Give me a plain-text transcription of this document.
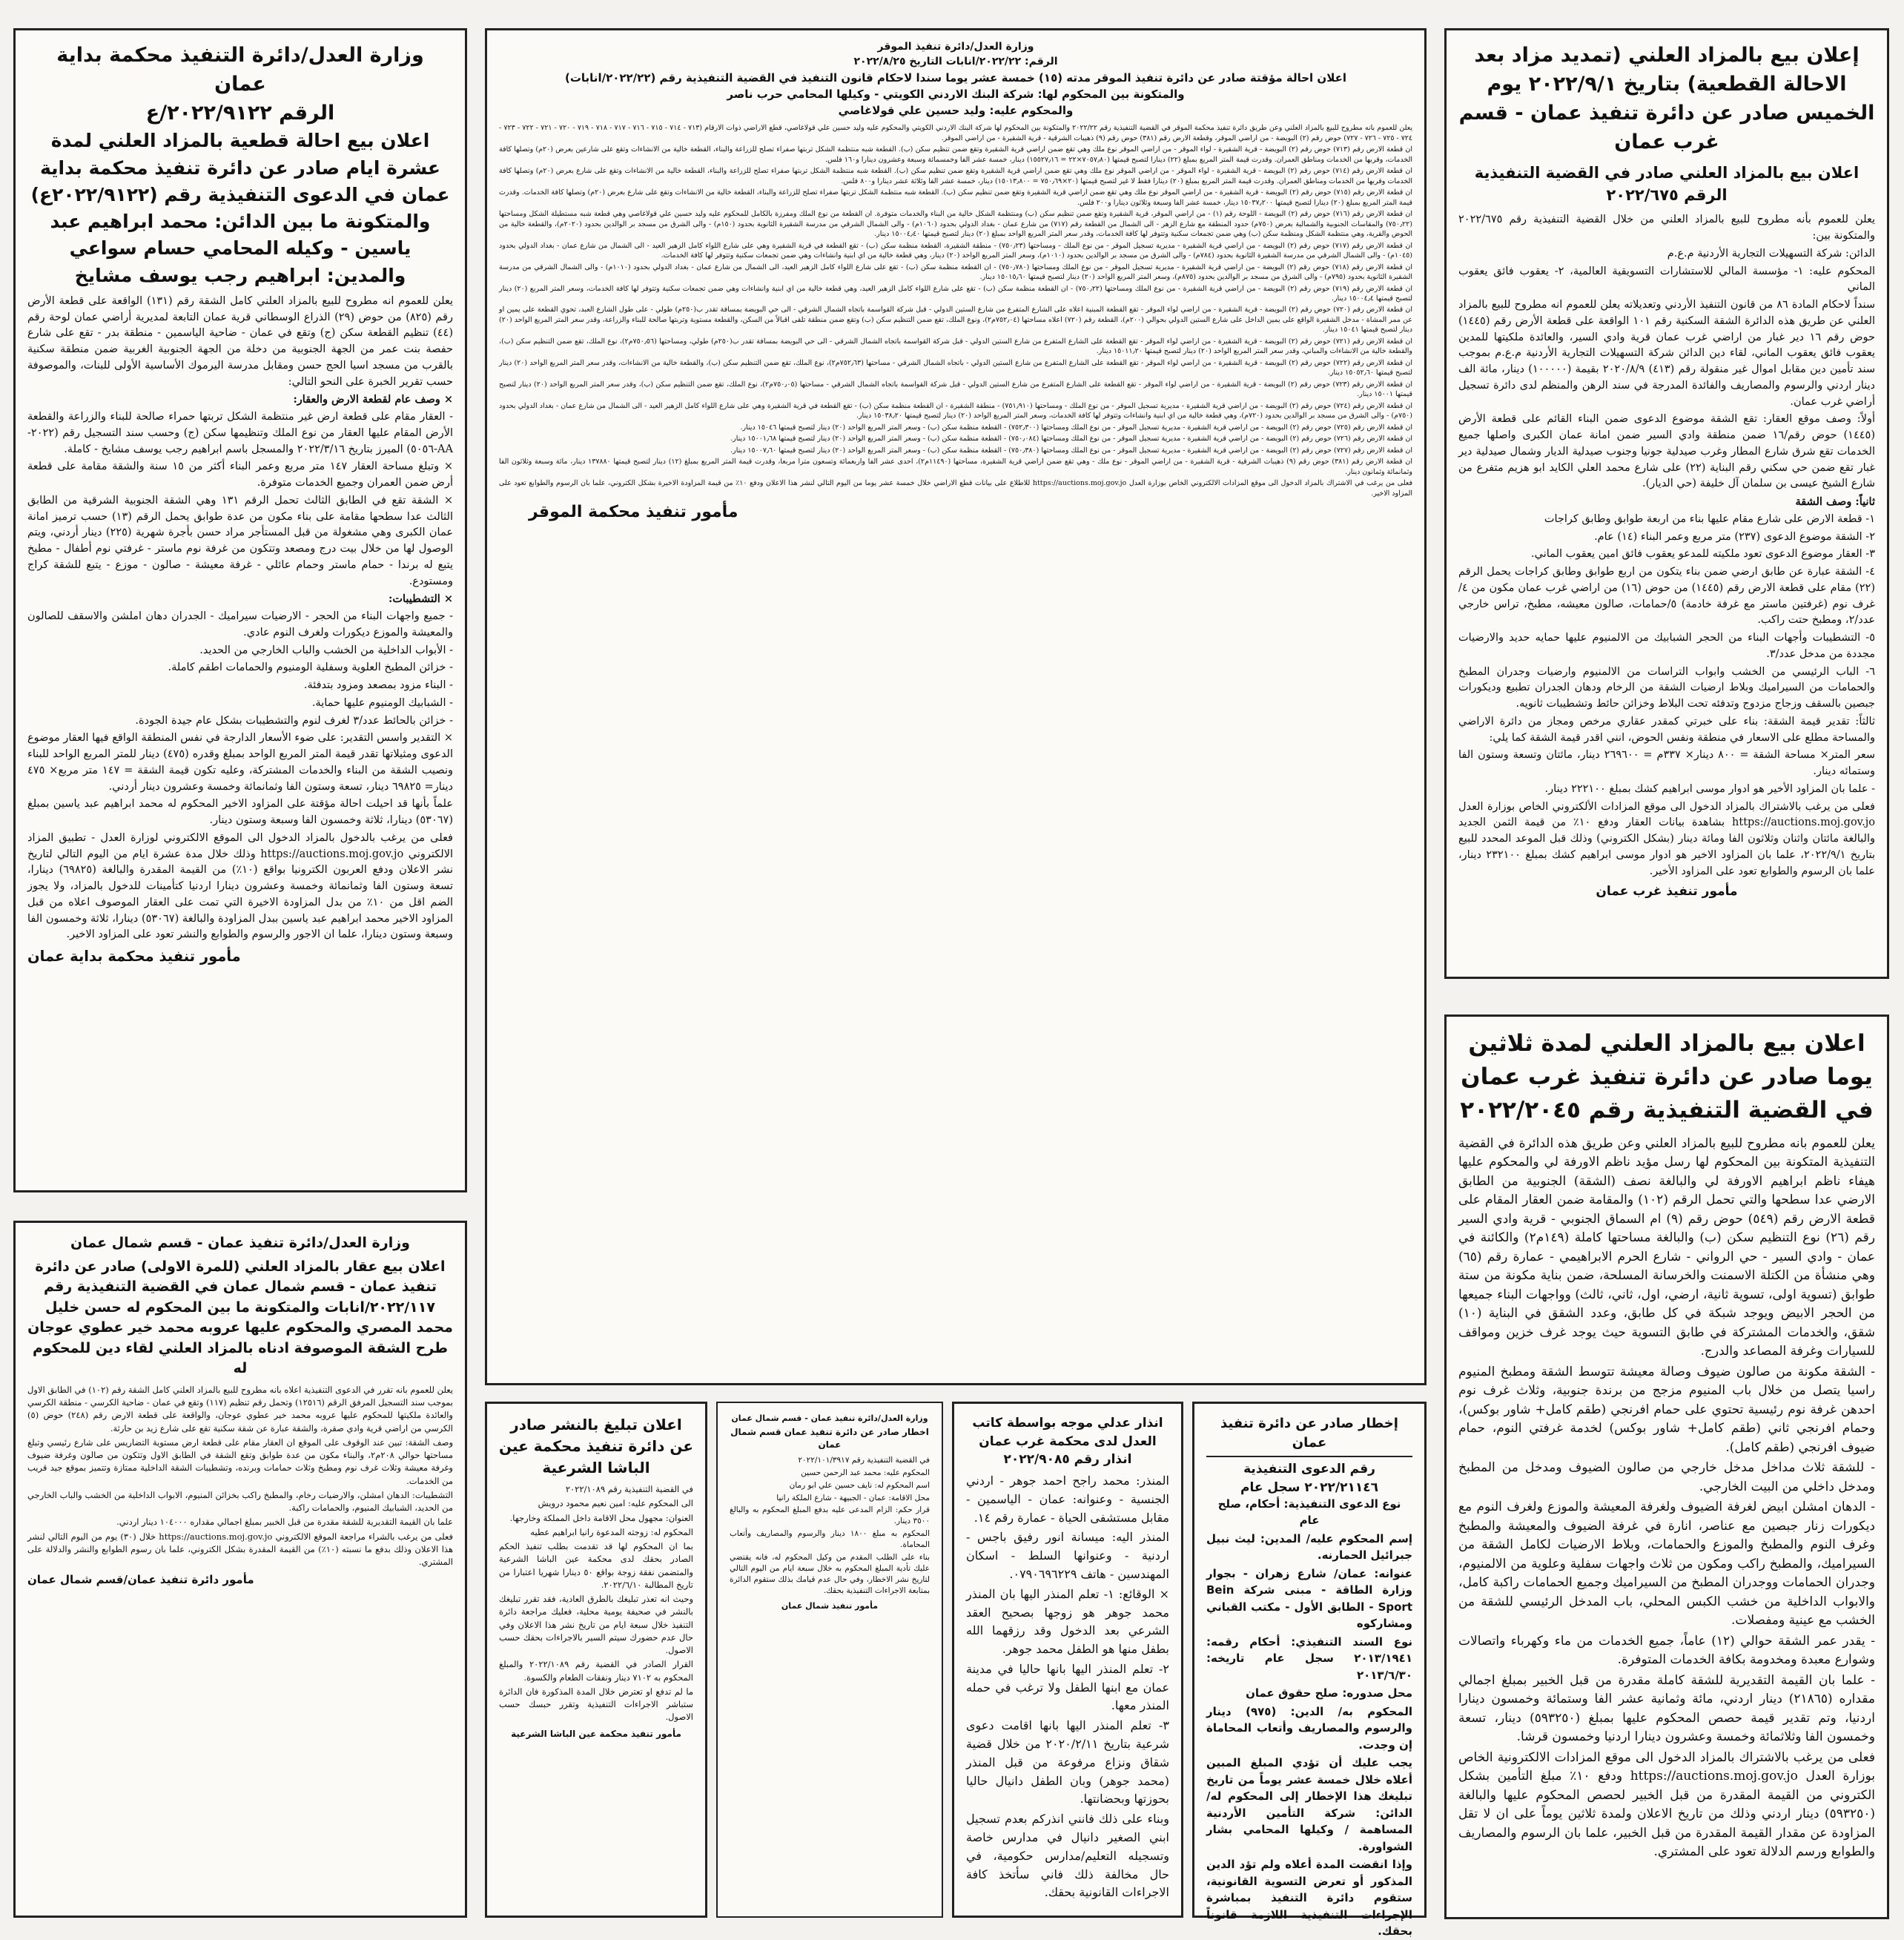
إعلان بيع بالمزاد العلني (تمديد مزاد بعد الاحالة القطعية) بتاريخ ٢٠٢٢/٩/١ يوم الخميس صادر عن دائرة تنفيذ عمان - قسم غرب عمان
اعلان بيع بالمزاد العلني صادر في القضية التنفيذية الرقم ٢٠٢٢/٦٧٥
يعلن للعموم بأنه مطروح للبيع بالمزاد العلني من خلال القضية التنفيذية رقم ٢٠٢٢/٦٧٥ والمتكونة بين:
الدائن: شركة التسهيلات التجارية الأردنية م.ع.م
المحكوم عليه: ١- مؤسسة المالي للاستشارات التسويقية العالمية، ٢- يعقوب فائق يعقوب الماني
سنداً لاحكام المادة ٨٦ من قانون التنفيذ الأردني وتعديلاته يعلن للعموم انه مطروح للبيع بالمزاد العلني عن طريق هذه الدائرة الشقة السكنية رقم ١٠١ الواقعة على قطعة الأرض رقم (١٤٤٥) حوض رقم ١٦ دير غبار من اراضي غرب عمان قرية وادي السير، والعائدة ملكيتها للمدين يعقوب فائق يعقوب الماني، لقاء دين الدائن شركة التسهيلات التجارية الأردنية م.ع.م بموجب سند تأمين دين مقابل اموال غير منقولة رقم (٤١٣) ٢٠٢٠/٨/٩ بقيمة (١٠٠٠٠٠) دينار، مائة الف دينار اردني والرسوم والمصاريف والفائدة المدرجة في سند الرهن والمنظم لدى دائرة تسجيل أراضي غرب عمان.
أولاً: وصف موقع العقار: تقع الشقة موضوع الدعوى ضمن البناء القائم على قطعة الأرض (١٤٤٥) حوض رقم/١٦ ضمن منطقة وادي السير ضمن امانة عمان الكبرى واصلها جميع الخدمات تقع شرق شارع المطار وغرب صيدلية جونيا وجنوب صيدلية الديار وشمال صيدلية دير غبار تقع ضمن حي سكني رقم البناية (٢٢) على شارع محمد العلي الكايد ابو هزيم متفرع من شارع الشيخ عيسى بن سلمان آل خليفة (حي الديار).
ثانياً: وصف الشقة
١- قطعة الارض على شارع مقام عليها بناء من اربعة طوابق وطابق كراجات
٢- الشقة موضوع الدعوى (٢٣٧) متر مربع وعمر البناء (١٤) عام.
٣- العقار موضوع الدعوى تعود ملكيته للمدعو يعقوب فائق امين يعقوب الماني.
٤- الشقة عبارة عن طابق ارضي ضمن بناء يتكون من اربع طوابق وطابق كراجات يحمل الرقم (٢٢) مقام على قطعة الارض رقم (١٤٤٥) من حوض (١٦) من اراضي غرب عمان مكون من ٤/غرف نوم (غرفتين ماستر مع غرفة خادمة) ٥/حمامات، صالون معيشه، مطبخ، تراس خارجي عدد/٢، ومطبخ حتت راكب.
٥- التشطيبات وأجهات البناء من الحجر الشبابيك من الالمنيوم عليها حمايه حديد والارضيات مجددة من مدخل عدد/٣.
٦- الباب الرئيسي من الخشب وابواب التراسات من الالمنيوم وارضيات وجدران المطبخ والحمامات من السيراميك وبلاط ارضيات الشقة من الرخام ودهان الجدران تطبيع وديكورات جبصين بالسقف وزجاج مزدوج وتدفئه تحت البلاط وخزائن حائط وتشطيبات ثانويه.
ثالثاً: تقدير قيمة الشقة: بناء على خبرتي كمقدر عقاري مرخص ومجاز من دائرة الاراضي والمساحة مطلع على الاسعار في منطقة ونفس الحوض، انني اقدر قيمة الشقة كما يلي:
سعر المتر× مساحة الشقة = ٨٠٠ دينار× ٣٣٧م = ٢٦٩٦٠٠ دينار، مائتان وتسعة وستون الفا وستمائه دينار.
- علما بان المزاود الأخير هو ادوار موسى ابراهيم كشك بمبلغ ٢٢٢١٠٠ دينار.
فعلى من يرغب بالاشتراك بالمزاد الدخول الى موقع المزادات الألكتروني الخاص بوزارة العدل https://auctions.moj.gov.jo بشاهدة بيانات العقار ودفع ١٠٪ من قيمة الثمن الجديد والبالغة مائتان واثنان وثلاثون الفا ومائة دينار (بشكل الكتروني) وذلك قبل الموعد المحدد للبيع بتاريخ ٢٠٢٢/٩/١، علما بان المزاود الاخير هو ادوار موسى ابراهيم كشك بمبلغ ٢٣٢١٠٠ دينار، علما بان الرسوم والطوابع تعود على المزاود الأخير.
مأمور تنفيذ غرب عمان
اعلان بيع بالمزاد العلني لمدة ثلاثين يوما صادر عن دائرة تنفيذ غرب عمان في القضية التنفيذية رقم ٢٠٢٢/٢٠٤٥
يعلن للعموم بانه مطروح للبيع بالمزاد العلني وعن طريق هذه الدائرة في القضية التنفيذية المتكونة بين المحكوم لها رسل مؤيد ناظم الاورفة لي والمحكوم عليها هيفاء ناظم ابراهيم الاورفة لي والبالغة نصف (الشقة) الجنوبية من الطابق الارضي عدا سطحها والتي تحمل الرقم (١٠٢) والمقامة ضمن العقار المقام على قطعة الارض رقم (٥٤٩) حوض رقم (٩) ام السماق الجنوبي - قرية وادي السير رقم (٢٦) نوع التنظيم سكن (ب) والبالغة مساحتها كاملة (١٤٩م٢) والكائنة في عمان - وادي السير - حي الرواني - شارع الحرم الابراهيمي - عمارة رقم (٦٥) وهي منشأة من الكتلة الاسمنت والخرسانة المسلحة، ضمن بناية مكونة من ستة طوابق (تسوية اولى، تسوية ثانية، ارضي، اول، ثاني، ثالث) وواجهات البناء جميعها من الحجر الابيض ويوجد شبكة في كل طابق، وعدد الشقق في البناية (١٠) شقق، والخدمات المشتركة في طابق التسوية حيث يوجد غرف خزين ومواقف للسيارات وغرفة المصاعد والدرج.
- الشقة مكونة من صالون ضيوف وصالة معيشة تتوسط الشقة ومطبخ المنيوم راسيا يتصل من خلال باب المنيوم مزجج من برندة جنوبية، وثلاث غرف نوم احدهن غرفة نوم رئيسية تحتوي على حمام افرنجي (طقم كامل+ شاور بوكس)، وحمام افرنجي ثاني (طقم كامل+ شاور بوكس) لخدمة غرفتي النوم، حمام ضيوف افرنجي (طقم كامل).
- للشقة ثلاث مداخل مدخل خارجي من صالون الضيوف ومدخل من المطبخ ومدخل داخلي من البيت الخارجي.
- الدهان امشلن ابيض لغرفة الضيوف ولغرفة المعيشة والموزع ولغرف النوم مع ديكورات زنار جبصين مع عناصر، انارة في غرفة الضيوف والمعيشة والمطبخ وغرف النوم والمطبخ والموزع والحمامات، وبلاط الارضيات لكامل الشقة من السيراميك، والمطبخ راكب ومكون من ثلاث واجهات سفلية وعلوية من الالمنيوم، وجدران الحمامات ووجدران المطبخ من السيراميك وجميع الحمامات راكبة كامل، والابواب الداخلية من خشب الكبس المحلي، باب المدخل الرئيسي للشقة من الخشب مع عينية ومفصلات.
- يقدر عمر الشقة حوالي (١٢) عاماً، جميع الخدمات من ماء وكهرباء واتصالات وشوارع معبدة ومخدومة بكافة الخدمات المتوفرة.
- علما بان القيمة التقديرية للشقة كاملة مقدرة من قبل الخبير بمبلغ اجمالي مقداره (٢١٨٦٥) دينار اردني، مائة وثمانية عشر الفا وستمائة وخمسون دينارا اردنيا، وتم تقدير قيمة حصص المحكوم عليها بمبلغ (٥٩٣٢٥٠) دينار، تسعة وخمسون الفا وثلاثمائة وخمسة وعشرون دينارا اردنيا وخمسون قرشا.
فعلى من يرغب بالاشتراك بالمزاد الدخول الى موقع المزادات الالكترونية الخاص بوزارة العدل https://auctions.moj.gov.jo ودفع ١٠٪ مبلغ التأمين بشكل الكتروني من القيمة المقدرة من قبل الخبير لحصص المحكوم عليها والبالغة (٥٩٣٢٥٠) دينار اردني وذلك من تاريخ الاعلان ولمدة ثلاثين يوماً على ان لا تقل المزاودة عن مقدار القيمة المقدرة من قبل الخبير، علما بان الرسوم والمصاريف والطوابع ورسم الدلالة تعود على المشتري.
وزارة العدل/دائرة تنفيذ الموقر
الرقم: ٢٠٢٢/٢٢/انابات التاريخ ٢٠٢٢/٨/٢٥
اعلان احالة مؤقتة صادر عن دائرة تنفيذ الموقر مدته (١٥) خمسة عشر يوما سندا لاحكام قانون التنفيذ في القضية التنفيذية رقم (٢٠٢٢/٢٢/انابات)
والمتكونة بين المحكوم لها: شركة البنك الاردني الكويتي - وكيلها المحامي حرب ناصر
والمحكوم عليه: وليد حسين علي قولاغاصي
يعلن للعموم بانه مطروح للبيع بالمزاد العلني وعن طريق دائرة تنفيذ محكمة الموقر في القضية التنفيذية رقم ٢٠٢٢/٢٢ والمتكونة بين المحكوم لها شركة البنك الاردني الكويتي والمحكوم عليه وليد حسين علي قولاغاصي، قطع الاراضي ذوات الارقام (٧١٣ - ٧١٤ - ٧١٥ - ٧١٦ - ٧١٧ - ٧١٨ - ٧١٩ - ٧٢٠ - ٧٢١ - ٧٢٢ - ٧٢٣ - ٧٢٤ - ٧٢٥ - ٧٢٦ - ٧٢٧) حوض رقم (٢) البويضة - من اراضي الموقر، وقطعة الارض رقم (٣٨١) حوض رقم (٩) ذهيبات الشرقية - قرية الشقيرة - من اراضي الموقر.
ان قطعة الارض رقم (٧١٣) حوض رقم (٢) البويضة - قرية الشقيرة - لواء الموقر - من اراضي الموقر نوع ملك وهي تقع ضمن اراضي قرية الشقيرة وتقع ضمن تنظيم سكن (ب). القطعة شبه منتظمة الشكل تربتها صفراء تصلح للزراعة والبناء، القطعة خالية من الانشاءات وتقع على شارعين بعرض (٢٠م) وتصلها كافة الخدمات، وقربها من الخدمات ومناطق العمران. وقدرت قيمة المتر المربع بمبلغ (٢٢) دينارا لتصبح قيمتها (٧٠٥٧٫٨٠×٢٢ = ١٥٥٢٧٫١٦) دينار، خمسة عشر الفا وخمسمائة وسبعة وعشرون دينارا و١٦٠ فلس.
ان قطعة الارض رقم (٧١٤) حوض رقم (٢) البويضة - قرية الشقيرة - لواء الموقر - من اراضي الموقر نوع ملك وهي تقع ضمن اراضي قرية الشقيرة وتقع ضمن تنظيم سكن (ب). القطعة شبه منتظمة الشكل تربتها صفراء تصلح للزراعة والبناء، القطعة خالية من الانشاءات وتقع على شارع بعرض (٢٠م) وتصلها كافة الخدمات وقربها من الخدمات ومناطق العمران. وقدرت قيمة المتر المربع بمبلغ (٢٠) دينارا فقط لا غير لتصبح قيمتها (٢٠×٧٥٠٫٦٩ = ١٥٠١٣٫٨٠٠) دينار، خمسة عشر الفا وثلاثة عشر دينارا و٨٠٠ فلس.
ان قطعة الارض رقم (٧١٥) حوض رقم (٢) البويضة - قرية الشقيرة - من اراضي الموقر نوع ملك وهي تقع ضمن اراضي قرية الشقيرة وتقع ضمن تنظيم سكن (ب). القطعة شبه منتظمة الشكل تربتها صفراء تصلح للزراعة والبناء، القطعة خالية من الانشاءات وتقع على شارع بعرض (٢٠م) وتصلها كافة الخدمات. وقدرت قيمة المتر المربع بمبلغ (٢٠) دينارا لتصبح قيمتها ١٥٠٣٧٫٢٠٠ دينار، خمسة عشر الفا وسبعة وثلاثون دينارا و٢٠٠ فلس.
ان قطعة الارض رقم (٧١٦) حوض رقم (٢) البويضة - اللوحة رقم (١) - من اراضي الموقر، قرية الشقيرة وتقع ضمن تنظيم سكن (ب) ومنتظمة الشكل خالية من البناء والخدمات متوفرة. ان القطعة من نوع الملك ومفرزة بالكامل للمحكوم عليه وليد حسين علي قولاغاصي وهي قطعة شبه مستطيلة الشكل ومساحتها (٧٥٠٫٢٢) والمقاسات الجنوبية والشمالية بعرض (٧٥٠م) حدود المنطقة مع شارع الزهر - الى الشمال من القطعة رقم (٧١٧) من شارع عمان - بغداد الدولي بحدود (١٠٦٠م) - والى الشمال الشرقي من مدرسة الشقيرة الثانوية بحدود (١٥٠م) - والى الشرق من مسجد بر الوالدين بحدود (٢٠٢٠م)، والقطعة خالية من الحوض والقرية، وهي منتظمة الشكل ومنظمة سكن (ب) وهي ضمن تجمعات سكنية وتتوفر لها كافة الخدمات، وقدر سعر المتر المربع الواحد بمبلغ (٢٠) دينار لتصبح قيمتها ١٥٠٠٤٫٤٠ دينار.
ان قطعة الارض رقم (٧١٧) حوض رقم (٢) البويضة - من اراضي قرية الشقيرة - مديرية تسجيل الموقر - من نوع الملك - ومساحتها (٧٥٠٫٢٣) - منطقة الشقيرة، القطعة منظمة سكن (ب) - تقع القطعة في قرية الشقيرة وهي على شارع اللواء كامل الزهير العيد - الى الشمال من شارع عمان - بغداد الدولي بحدود (١٠٤٥م) - والى الشمال الشرقي من مدرسة الشقيرة الثانوية بحدود (٧٨٤م) - والى الشرق من مسجد بر الوالدين بحدود (١٠١٠م)، وسعر المتر المربع الواحد (٢٠) دينار، وهي قطعة خالية من اي ابنية وانشاءات وهي ضمن تجمعات سكنية وتتوفر لها كافة الخدمات.
ان قطعة الارض رقم (٧١٨) حوض رقم (٢) البويضة - من اراضي قرية الشقيرة - مديرية تسجيل الموقر - من نوع الملك ومساحتها (٧٥٠٫٧٨٠) - ان القطعة منظمة سكن (ب) - تقع على شارع اللواء كامل الزهير العيد، الى الشمال من شارع عمان - بغداد الدولي بحدود (١٠١٠م) - والى الشمال الشرقي من مدرسة الشقيرة الثانوية بحدود (٧٩٥م) - والى الشرق من مسجد بر الوالدين بحدود (٨٧٥م)، وسعر المتر المربع الواحد (٢٠) دينار لتصبح قيمتها ١٥٠١٥٫٦٠ دينار.
ان قطعة الارض رقم (٧١٩) حوض رقم (٢) البويضة - من اراضي قرية الشقيرة - من نوع الملك ومساحتها (٧٥٠٫٢٢) - ان القطعة منظمة سكن (ب) - تقع على شارع اللواء كامل الزهير العيد، وهي قطعة خالية من اي ابنية وانشاءات وهي ضمن تجمعات سكنية وتتوفر لها كافة الخدمات، وسعر المتر المربع (٢٠) دينار لتصبح قيمتها ١٥٠٠٤٫٤ دينار.
ان قطعة الارض رقم (٧٢٠) حوض رقم (٢) البويضة - قرية الشقيرة - من اراضي لواء الموقر - تقع القطعة المبنية اعلاه على الشارع المتفرع من شارع الستين الدولي - قبل شركة القواسمة باتجاه الشمال الشرقي - الى حي البويضة بمسافة تقدر ب(٢٥٠م) طولي - على طول الشارع العبد، تحوي القطعة على يمين او عن ممر المشاة - مدخل الشقيرة الواقع على يمين الداخل على شارع الستين الدولي بحوالي (٢٠٠م)، القطعة رقم (٧٢٠) اعلاه مساحتها (٧٥٢٫٠٤م٢)، ونوع الملك، تقع ضمن التنظيم سكن (ب) وتقع ضمن منطقة تلقى اقبالاً من السكن، والقطعة مستوية وتربتها صالحة للبناء والزراعة، وقدر سعر المتر المربع الواحد (٢٠) دينار لتصبح قيمتها ١٥٠٤١ دينار.
ان قطعة الارض رقم (٧٢١) حوض رقم (٢) البويضة - قرية الشقيرة - من اراضي لواء الموقر - تقع القطعة على الشارع المتفرع من شارع الستين الدولي - قبل شركة القواسمة باتجاه الشمال الشرقي - الى حي البويضة بمسافة تقدر ب(٢٥٠م) طولي، ومساحتها (٧٥٠٫٥٦م٢)، نوع الملك، تقع ضمن التنظيم سكن (ب)، والقطعة خالية من الانشاءات والمباني، وقدر سعر المتر المربع الواحد (٢٠) دينار لتصبح قيمتها ١٥٠١١٫٢٠ دينار.
ان قطعة الارض رقم (٧٢٢) حوض رقم (٢) البويضة - قرية الشقيرة - من اراضي لواء الموقر - تقع القطعة على الشارع المتفرع من شارع الستين الدولي - باتجاه الشمال الشرقي - مساحتها (٧٥٢٫٦٣م٢)، نوع الملك، تقع ضمن التنظيم سكن (ب)، والقطعة خالية من الانشاءات، وقدر سعر المتر المربع الواحد (٢٠) دينار لتصبح قيمتها ١٥٠٥٢٫٦٠ دينار.
ان قطعة الارض رقم (٧٢٣) حوض رقم (٢) البويضة - قرية الشقيرة - من اراضي لواء الموقر - تقع القطعة على الشارع المتفرع من شارع الستين الدولي - قبل شركة القواسمة باتجاه الشمال الشرقي - مساحتها (٧٥٠٫٠٥م٢)، نوع الملك، تقع ضمن التنظيم سكن (ب)، وقدر سعر المتر المربع الواحد (٢٠) دينار لتصبح قيمتها ١٥٠٠١ دينار.
ان قطعة الارض رقم (٧٢٤) حوض رقم (٢) البويضة - من اراضي قرية الشقيرة - مديرية تسجيل الموقر - من نوع الملك - ومساحتها (٧٥١٫٩١٠) - منطقة الشقيرة - ان القطعة منظمة سكن (ب) - تقع القطعة في قرية الشقيرة وهي على شارع اللواء كامل الزهير العيد - الى الشمال من شارع عمان - بغداد الدولي بحدود (٧٥٠م) - والى الشرق من مسجد بر الوالدين بحدود (٧٢٠م)، وهي قطعة خالية من اي ابنية وانشاءات وتتوفر لها كافة الخدمات، وسعر المتر المربع الواحد (٢٠) دينار لتصبح قيمتها ١٥٠٣٨٫٢٠ دينار.
ان قطعة الارض رقم (٧٢٥) حوض رقم (٢) البويضة - من اراضي قرية الشقيرة - مديرية تسجيل الموقر - من نوع الملك ومساحتها (٧٥٢٫٣٠٠) - القطعة منظمة سكن (ب) - وسعر المتر المربع الواحد (٢٠) دينار لتصبح قيمتها ١٥٠٤٦ دينار.
ان قطعة الارض رقم (٧٢٦) حوض رقم (٢) البويضة - من اراضي قرية الشقيرة - مديرية تسجيل الموقر - من نوع الملك ومساحتها (٧٥٠٫٠٨٤) - القطعة منظمة سكن (ب) - وسعر المتر المربع الواحد (٢٠) دينار لتصبح قيمتها ١٥٠٠١٫٦٨ دينار.
ان قطعة الارض رقم (٧٢٧) حوض رقم (٢) البويضة - من اراضي قرية الشقيرة - مديرية تسجيل الموقر - من نوع الملك ومساحتها (٧٥٠٫٣٨٠) - القطعة منظمة سكن (ب) - وسعر المتر المربع الواحد (٢٠) دينار لتصبح قيمتها ١٥٠٠٧٫٦٠ دينار.
ان قطعة الارض رقم (٣٨١) حوض رقم (٩) ذهيبات الشرقية - قرية الشقيرة - من اراضي الموقر - نوع ملك - وهي تقع ضمن اراضي قرية الشقيرة، مساحتها (١١٤٩٠م٢)، احدى عشر الفا واربعمائة وتسعون مترا مربعا، وقدرت قيمة المتر المربع بمبلغ (١٢) دينار لتصبح قيمتها ١٣٧٨٨٠ دينار، مائة وسبعة وثلاثون الفا وثمانمائة وثمانون دينار.
فعلى من يرغب في الاشتراك بالمزاد الدخول الى موقع المزادات الالكتروني الخاص بوزارة العدل https://auctions.moj.gov.jo للاطلاع على بيانات قطع الاراضي خلال خمسة عشر يوما من اليوم التالي لنشر هذا الاعلان ودفع ١٠٪ من قيمة المزاودة الاخيرة بشكل الكتروني، علما بان الرسوم والطوابع تعود على المزاود الاخير.
مأمور تنفيذ محكمة الموقر
وزارة العدل/دائرة التنفيذ محكمة بداية عمان
الرقم ٢٠٢٢/٩١٢٢/ع
اعلان بيع احالة قطعية بالمزاد العلني لمدة عشرة ايام صادر عن دائرة تنفيذ محكمة بداية عمان في الدعوى التنفيذية رقم (٢٠٢٢/٩١٢٢ع) والمتكونة ما بين الدائن: محمد ابراهيم عبد ياسين - وكيله المحامي حسام سواعي والمدين: ابراهيم رجب يوسف مشايخ
يعلن للعموم انه مطروح للبيع بالمزاد العلني كامل الشقة رقم (١٣١) الواقعة على قطعة الأرض رقم (٨٢٥) من حوض (٢٩) الذراع الوسطاني قرية عمان التابعة لمديرية أراضي عمان لوحة رقم (٤٤) تنظيم القطعة سكن (ج) وتقع في عمان - ضاحية الياسمين - منطقة بدر - تقع على شارع حفصة بنت عمر من الجهة الجنوبية من دخلة من الجهة الجنوبية الغربية ضمن منطقة سكنية بالقرب من مسجد اسيا الحج حسن ومقابل مدرسة اليرموك الأساسية الأولى للبنات، والموصوفة حسب تقرير الخبرة على النحو التالي:
× وصف عام لقطعة الارض والعقار:
- العقار مقام على قطعة ارض غير منتظمة الشكل تربتها حمراء صالحة للبناء والزراعة والقطعة الأرض المقام عليها العقار من نوع الملك وتنظيمها سكن (ج) وحسب سند التسجيل رقم (٢٠٢٢-AA-٥٠٥٦) الميرز بتاريخ ٢٠٢٢/٣/١٦ والمسجل باسم ابراهيم رجب يوسف مشايخ - كاملة.
× وتبلغ مساحة العقار ١٤٧ متر مربع وعمر البناء أكثر من ١٥ سنة والشقة مقامة على قطعة أرض ضمن العمران وجميع الخدمات متوفرة.
× الشقة تقع في الطابق الثالث تحمل الرقم ١٣١ وهي الشقة الجنوبية الشرقية من الطابق الثالث عدا سطحها مقامة على بناء مكون من عدة طوابق يحمل الرقم (١٣) حسب ترميز امانة عمان الكبرى وهي مشغولة من قبل المستأجر مراد حسن بأجرة شهرية (٢٢٥) دينار أردني، ويتم الوصول لها من خلال بيت درج ومصعد وتتكون من غرفة نوم ماستر - غرفتي نوم أطفال - مطبخ يتبع له برندا - حمام ماستر وحمام عائلي - غرفة معيشة - صالون - موزع - يتبع للشقة كراج ومستودع.
× التشطيبات:
- جميع واجهات البناء من الحجر - الارضيات سيراميك - الجدران دهان املشن والاسقف للصالون والمعيشة والموزع ديكورات ولغرف النوم عادي.
- الأبواب الداخلية من الخشب والباب الخارجي من الحديد.
- خزائن المطبخ العلوية وسفلية الومنيوم والحمامات اطقم كاملة.
- البناء مزود بمصعد ومزود بتدفئة.
- الشبابيك الومنيوم عليها حماية.
- خزائن بالحائط عدد/٣ لغرف لنوم والتشطيبات بشكل عام جيدة الجودة.
× التقدير واسس التقدير: على ضوء الأسعار الدارجة في نفس المنطقة الواقع فيها العقار موضوع الدعوى ومثيلاتها تقدر قيمة المتر المربع الواحد بمبلغ وقدره (٤٧٥) دينار للمتر المربع الواحد للبناء ونصيب الشقة من البناء والخدمات المشتركة، وعليه تكون قيمة الشقة = ١٤٧ متر مربع× ٤٧٥ دينار= ٦٩٨٢٥ دينار، تسعة وستون الفا وثمانمائة وخمسة وعشرون دينار أردني.
علماً بأنها قد احيلت احالة مؤقتة على المزاود الاخير المحكوم له محمد ابراهيم عبد ياسين بمبلغ (٥٣٠٦٧) دينارا، ثلاثة وخمسون الفا وسبعة وستون دينار.
فعلى من يرغب بالدخول بالمزاد الدخول الى الموقع الالكتروني لوزارة العدل - تطبيق المزاد الالكتروني https://auctions.moj.gov.jo وذلك خلال مدة عشرة ايام من اليوم التالي لتاريخ نشر الاعلان ودفع العربون الكترونيا بواقع (١٠٪) من القيمة المقدرة والبالغة (٦٩٨٢٥) دينارا، تسعة وستون الفا وثمانمائة وخمسة وعشرون دينارا اردنيا كتأمينات للدخول بالمزاد، ولا يجوز الضم اقل من ١٠٪ من بدل المزاودة الاخيرة التي تمت على العقار الموصوف اعلاه من قبل المزاود الاخير محمد ابراهيم عبد ياسين ببدل المزاودة والبالغة (٥٣٠٦٧) دينارا، ثلاثة وخمسون الفا وسبعة وستون دينارا، علما ان الاجور والرسوم والطوابع والنشر تعود على المزاود الاخير.
مأمور تنفيذ محكمة بداية عمان
وزارة العدل/دائرة تنفيذ عمان - قسم شمال عمان
اعلان بيع عقار بالمزاد العلني (للمرة الاولى) صادر عن دائرة تنفيذ عمان - قسم شمال عمان في القضية التنفيذية رقم ٢٠٢٢/١١٧/انابات والمتكونة ما بين المحكوم له حسن خليل محمد المصري والمحكوم عليها عروبه محمد خير عطوي عوجان طرح الشقة الموصوفة ادناه بالمزاد العلني لقاء دين للمحكوم له
يعلن للعموم بانه تقرر في الدعوى التنفيذية اعلاه بانه مطروح للبيع بالمزاد العلني كامل الشقة رقم (١٠٢) في الطابق الاول بموجب سند التسجيل المرفق الرقم (١٢٥١٦) وتحمل رقم تنظيم (١١٧) وتقع في عمان - ضاحية الكرسي - منطقة الكرسي والعائدة ملكيتها للمحكوم عليها عروبه محمد خير عطوي عوجان، والواقعة على قطعة الارض رقم (٢٤٨) حوض (٥) الكرسي من اراضي قرية وادي صقرة، والشقة عبارة عن شقة سكنية تقع على شارع زيد بن حارثة.
وصف الشقة: تبين عند الوقوف على الموقع ان العقار مقام على قطعة ارض مستوية التضاريس على شارع رئيسي وتبلغ مساحتها حوالي ٢٠٨م٢، والبناء مكون من عدة طوابق وتقع الشقة في الطابق الاول وتتكون من صالون وغرفة ضيوف وغرفة معيشة وثلاث غرف نوم ومطبخ وثلاث حمامات وبرنده، وتشطيبات الشقة الداخلية ممتازة وتتميز بموقع جيد قريب من الخدمات.
التشطيبات: الدهان امشلن، والارضيات رخام، والمطبخ راكب بخزائن المنيوم، الابواب الداخلية من الخشب والباب الخارجي من الحديد، الشبابيك المنيوم، والحمامات راكبة.
علما بان القيمة التقديرية للشقة مقدرة من قبل الخبير بمبلغ اجمالي مقداره ١٠٤٠٠٠ دينار اردني.
فعلى من يرغب بالشراء مراجعة الموقع الالكتروني https://auctions.moj.gov.jo خلال (٣٠) يوم من اليوم التالي لنشر هذا الاعلان وذلك بدفع ما نسبته (١٠٪) من القيمة المقدرة بشكل الكتروني، علما بان رسوم الطوابع والنشر والدلالة على المشتري.
مأمور دائرة تنفيذ عمان/قسم شمال عمان
اعلان تبليغ بالنشر صادر عن دائرة تنفيذ محكمة عين الباشا الشرعية
في القضية التنفيذية رقم ٢٠٢٢/١٠٨٩
الى المحكوم عليه: امين نعيم محمود درويش
العنوان: مجهول محل الاقامة داخل المملكة وخارجها.
المحكوم له: زوجته المدعوة رانيا ابراهيم عطيه
بما ان المحكوم لها قد تقدمت بطلب تنفيذ الحكم الصادر بحقك لدى محكمة عين الباشا الشرعية والمتضمن نفقة زوجة بواقع ٥٠ دينارا شهريا اعتبارا من تاريخ المطالبة ٢٠٢٢/٦/١٠.
وحيث انه تعذر تبليغك بالطرق العادية، فقد تقرر تبليغك بالنشر في صحيفة يومية محلية، فعليك مراجعة دائرة التنفيذ خلال سبعة ايام من تاريخ نشر هذا الاعلان وفي حال عدم حضورك سيتم السير بالاجراءات بحقك حسب الاصول.
القرار الصادر في القضية رقم ٢٠٢٢/١٠٨٩ والمبلغ المحكوم به ٧١٠٢ دينار ونفقات الطعام والكسوة.
ما لم تدفع او تعترض خلال المدة المذكورة فان الدائرة ستباشر الاجراءات التنفيذية وتقرر حبسك حسب الاصول.
مأمور تنفيذ محكمة عين الباشا الشرعية
وزارة العدل/دائرة تنفيذ عمان - قسم شمال عمان
اخطار صادر عن دائرة تنفيذ عمان قسم شمال عمان
في القضية التنفيذية رقم ٢٠٢٢/١٠١/٣٩١٧
المحكوم عليه: محمد عبد الرحمن حسين
اسم المحكوم له: نايف حسين علي ابو رمان
محل الاقامة: عمان - الجبيهة - شارع الملكة رانيا
قرار حكم: الزام المدعى عليه بدفع المبلغ المحكوم به والبالغ ٣٥٠٠ دينار.
المحكوم به مبلغ ١٨٠٠ دينار والرسوم والمصاريف وأتعاب المحاماة.
بناء على الطلب المقدم من وكيل المحكوم له، فانه يقتضي عليك تأدية المبلغ المحكوم به خلال سبعة ايام من اليوم التالي لتاريخ نشر الاخطار، وفي حال عدم قيامك بذلك ستقوم الدائرة بمتابعة الاجراءات التنفيذية بحقك.
مأمور تنفيذ شمال عمان
انذار عدلي موجه بواسطة كاتب العدل لدى محكمة غرب عمان
انذار رقم ٢٠٢٢/٩٠٨٥
المنذر: محمد راجح احمد جوهر - اردني الجنسية - وعنوانه: عمان - الياسمين - مقابل مستشفى الحياة - عمارة رقم ١٤.
المنذر اليه: ميسانة انور رفيق باجس - اردنية - وعنوانها السلط - اسكان المهندسين - هاتف ٠٧٩٠٦٩٦٢٢٩.
× الوقائع: ١- تعلم المنذر اليها بان المنذر محمد جوهر هو زوجها بصحيح العقد الشرعي بعد الدخول وقد رزقهما الله بطفل منها هو الطفل محمد جوهر.
٢- تعلم المنذر اليها بانها حاليا في مدينة عمان مع ابنها الطفل ولا ترغب في حمله المنذر معها.
٣- تعلم المنذر اليها بانها اقامت دعوى شرعية بتاريخ ٢٠٢٠/٢/١١ من خلال قضية شقاق ونزاع مرفوعة من قبل المنذر (محمد جوهر) وبان الطفل دانيال حاليا بحوزتها وبحضانتها.
وبناء على ذلك فانني انذركم بعدم تسجيل ابني الصغير دانيال في مدارس خاصة وتسجيله التعليم/مدارس حكومية، في حال مخالفة ذلك فاني سأتخذ كافة الاجراءات القانونية بحقك.
إخطار صادر عن دائرة تنفيذ عمان
رقم الدعوى التنفيذية ٢٠٢٢/٢١١٤٦ سجل عام
نوع الدعوى التنفيذية: أحكام، صلح عام
إسم المحكوم عليه/ المدين: ليث نبيل جبرائيل الحمارنه.
عنوانه: عمان/ شارع زهران - بجوار وزارة الطاقة - مبنى شركة Bein Sport - الطابق الأول - مكتب القباني ومشاركوه
نوع السند التنفيذي: أحكام رقمه: ٢٠١٣/١٩٤١ سجل عام تاريخه: ٢٠١٣/٦/٣٠
محل صدوره: صلح حقوق عمان
المحكوم به/ الدين: (٩٧٥) دينار والرسوم والمصاريف وأتعاب المحاماة إن وجدت.
يجب عليك أن تؤدي المبلغ المبين أعلاه خلال خمسة عشر يوماً من تاريخ تبليغك هذا الإخطار إلى المحكوم له/ الدائن: شركة التأمين الأردنية المساهمة / وكيلها المحامي بشار الشواورة.
وإذا انقضت المدة أعلاه ولم تؤد الدين المذكور أو تعرض التسوية القانونية، ستقوم دائرة التنفيذ بمباشرة الإجراءات التنفيذية اللازمة قانوناً بحقك.
